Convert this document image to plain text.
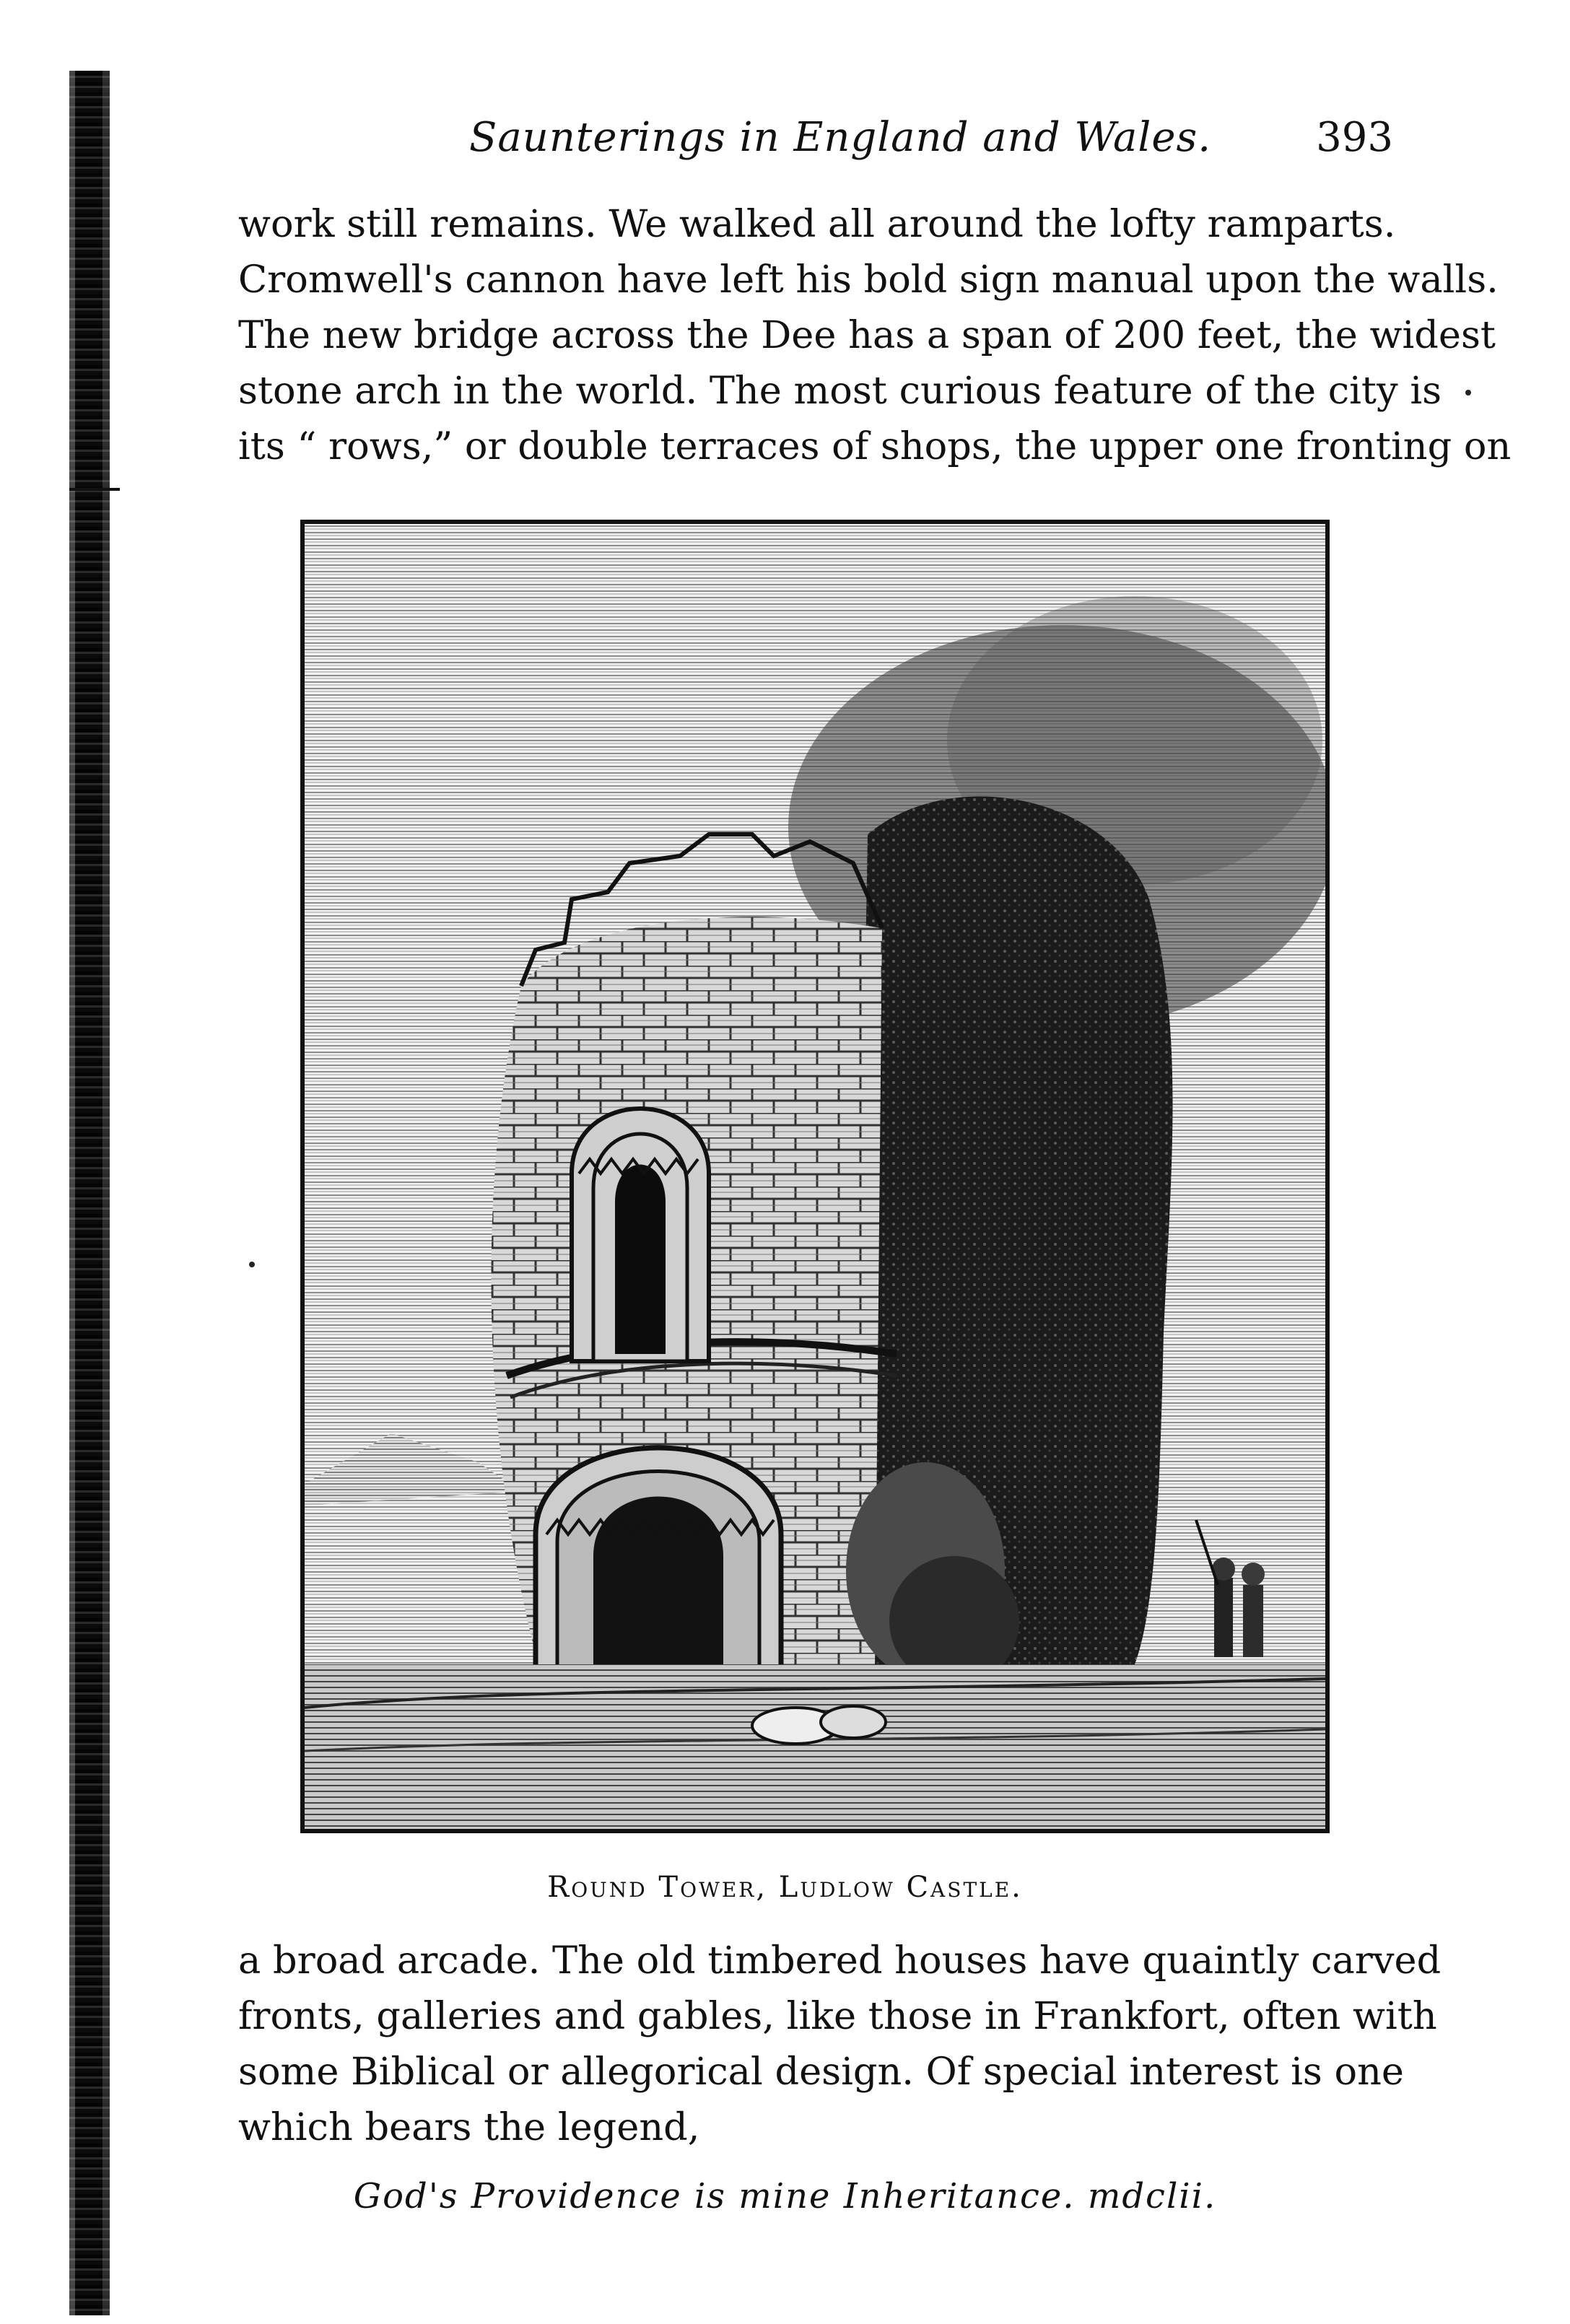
Saunterings in England and Wales.	393
work still remains. We walked all around the lofty ramparts.
Cromwell's cannon have left his bold sign manual upon the walls.
The new bridge across the Dee has a span of 200 feet, the widest
stone arch in the world. The most curious feature of the city is
its “ rows,” or double terraces of shops, the upper one fronting on
Round Tower, Ludlow Castle.
a broad arcade. The old timbered houses have quaintly carved
fronts, galleries and gables, like those in Frankfort, often with
some Biblical or allegorical design. Of special interest is one
which bears the legend,
God's Providence is mine Inheritance. mdclii.
